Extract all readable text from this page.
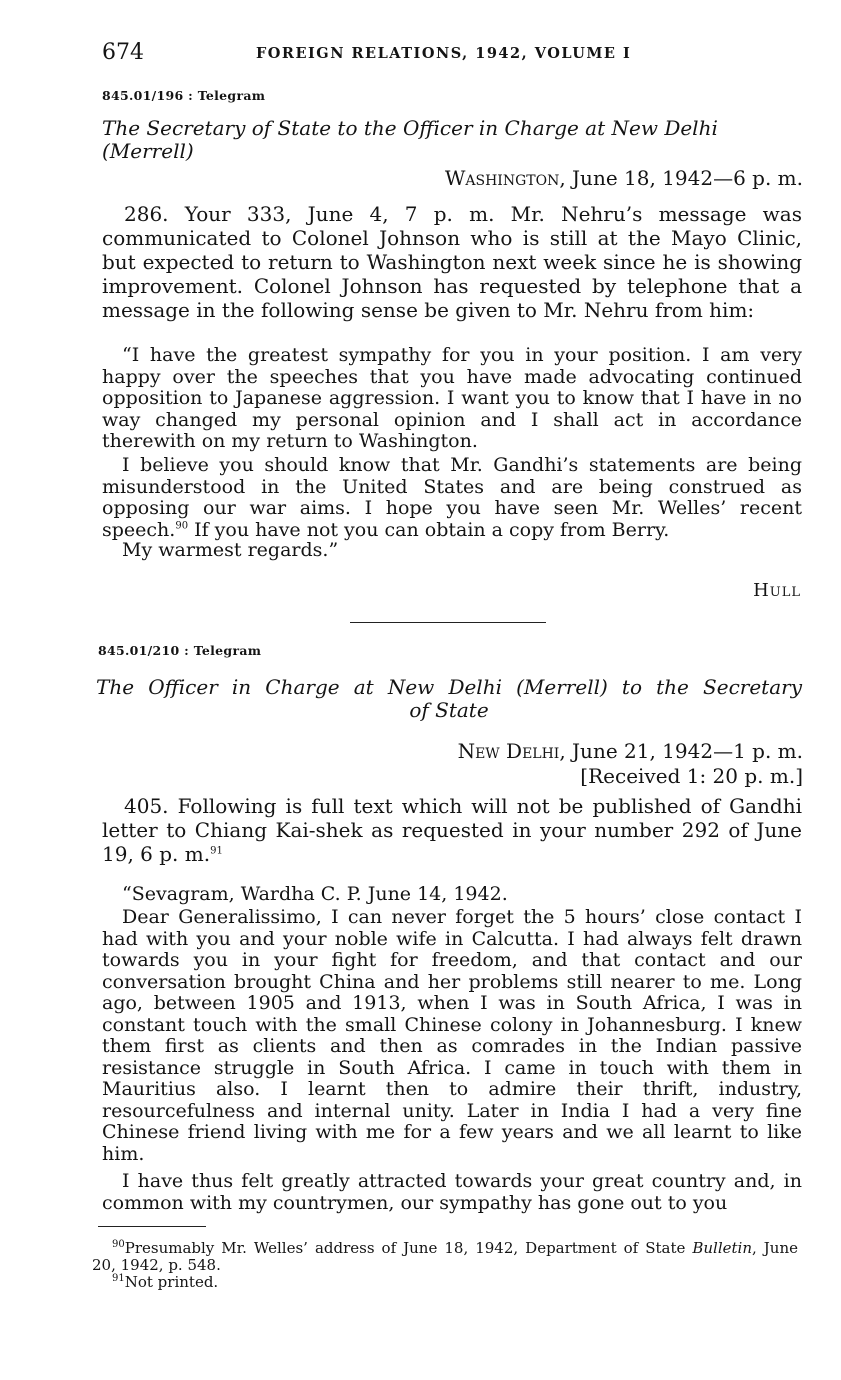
674	FOREIGN RELATIONS, 1942, VOLUME I
845.01/196 : Telegram
The Secretary of State to the Officer in Charge at New Delhi (Merrell)
Washington, June 18, 1942—6 p. m.

286. Your 333, June 4, 7 p. m. Mr. Nehru’s message was communicated to Colonel Johnson who is still at the Mayo Clinic, but expected to return to Washington next week since he is showing improvement. Colonel Johnson has requested by telephone that a message in the following sense be given to Mr. Nehru from him:

“I have the greatest sympathy for you in your position. I am very happy over the speeches that you have made advocating continued opposition to Japanese aggression. I want you to know that I have in no way changed my personal opinion and I shall act in accordance therewith on my return to Washington.

I believe you should know that Mr. Gandhi’s statements are being misunderstood in the United States and are being construed as opposing our war aims. I hope you have seen Mr. Welles’ recent speech.$^{90}$ If you have not you can obtain a copy from Berry.

My warmest regards.”

Hull
845.01/210 : Telegram
The Officer in Charge at New Delhi (Merrell) to the Secretary
of State
New Delhi, June 21, 1942—1 p. m.
[Received 1: 20 p. m.]

405. Following is full text which will not be published of Gandhi letter to Chiang Kai-shek as requested in your number 292 of June 19, 6 p. m.$^{91}$

“Sevagram, Wardha C. P. June 14, 1942.

Dear Generalissimo, I can never forget the 5 hours’ close contact I had with you and your noble wife in Calcutta. I had always felt drawn towards you in your fight for freedom, and that contact and our conversation brought China and her problems still nearer to me. Long ago, between 1905 and 1913, when I was in South Africa, I was in constant touch with the small Chinese colony in Johannesburg. I knew them first as clients and then as comrades in the Indian passive resistance struggle in South Africa. I came in touch with them in Mauritius also. I learnt then to admire their thrift, industry, resourcefulness and internal unity. Later in India I had a very fine Chinese friend living with me for a few years and we all learnt to like him.

I have thus felt greatly attracted towards your great country and, in common with my countrymen, our sympathy has gone out to you

$^{90}$Presumably Mr. Welles’ address of June 18, 1942, Department of State Bulletin, June 20, 1942, p. 548.

$^{91}$Not printed.
